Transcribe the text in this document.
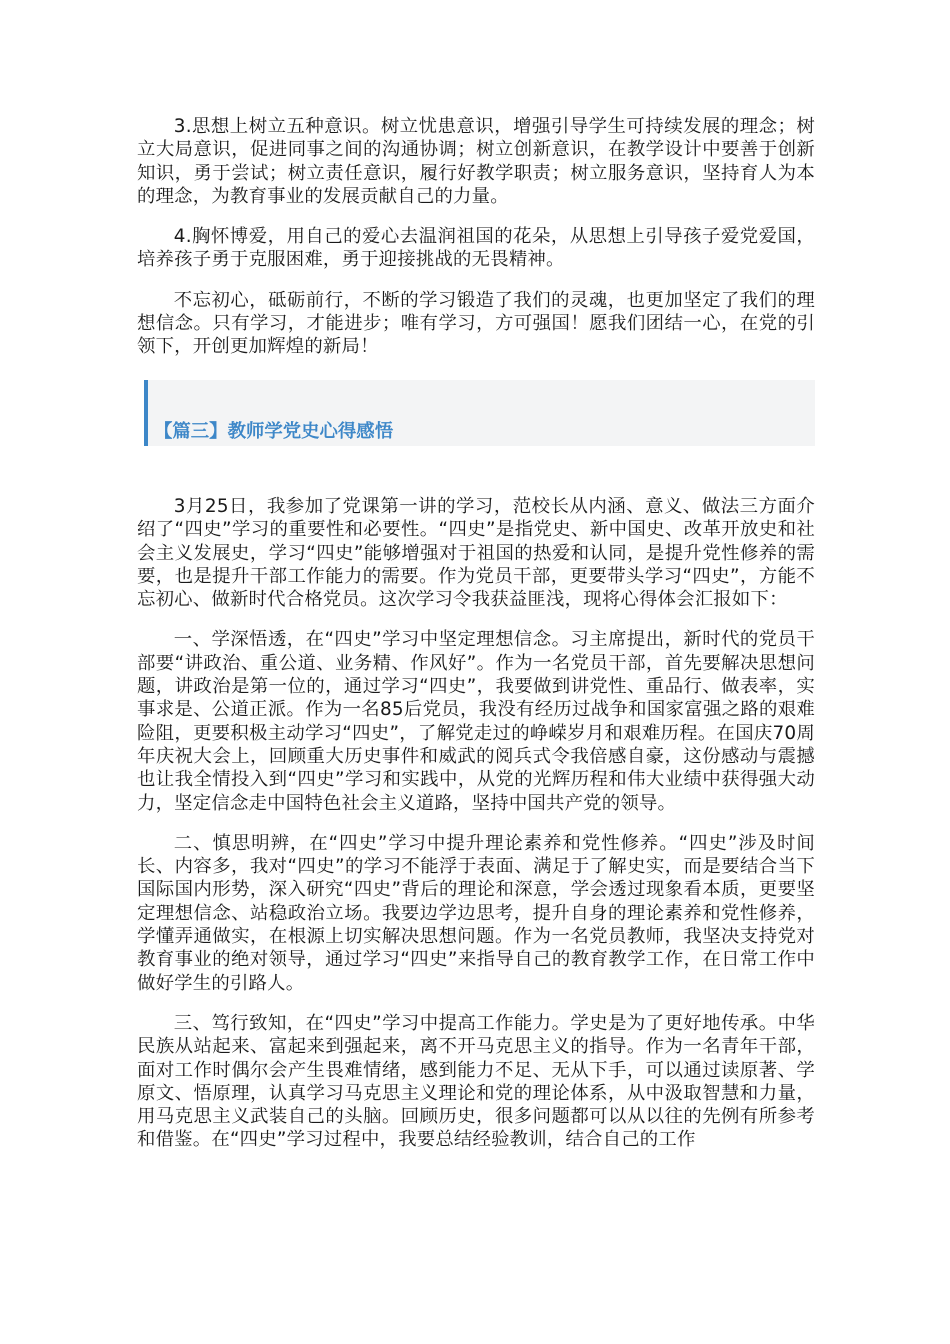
3.思想上树立五种意识。树立忧患意识，增强引导学生可持续发展的理念；树立大局意识，促进同事之间的沟通协调；树立创新意识，在教学设计中要善于创新知识，勇于尝试；树立责任意识，履行好教学职责；树立服务意识，坚持育人为本的理念，为教育事业的发展贡献自己的力量。

4.胸怀博爱，用自己的爱心去温润祖国的花朵，从思想上引导孩子爱党爱国，培养孩子勇于克服困难，勇于迎接挑战的无畏精神。

不忘初心，砥砺前行，不断的学习锻造了我们的灵魂，也更加坚定了我们的理想信念。只有学习，才能进步；唯有学习，方可强国！愿我们团结一心，在党的引领下，开创更加辉煌的新局！

【篇三】教师学党史心得感悟

3月25日，我参加了党课第一讲的学习，范校长从内涵、意义、做法三方面介绍了“四史”学习的重要性和必要性。“四史”是指党史、新中国史、改革开放史和社会主义发展史，学习“四史”能够增强对于祖国的热爱和认同，是提升党性修养的需要，也是提升干部工作能力的需要。作为党员干部，更要带头学习“四史”，方能不忘初心、做新时代合格党员。这次学习令我获益匪浅，现将心得体会汇报如下：

一、学深悟透，在“四史”学习中坚定理想信念。习主席提出，新时代的党员干部要“讲政治、重公道、业务精、作风好”。作为一名党员干部，首先要解决思想问题，讲政治是第一位的，通过学习“四史”，我要做到讲党性、重品行、做表率，实事求是、公道正派。作为一名85后党员，我没有经历过战争和国家富强之路的艰难险阻，更要积极主动学习“四史”，了解党走过的峥嵘岁月和艰难历程。在国庆70周年庆祝大会上，回顾重大历史事件和威武的阅兵式令我倍感自豪，这份感动与震撼也让我全情投入到“四史”学习和实践中，从党的光辉历程和伟大业绩中获得强大动力，坚定信念走中国特色社会主义道路，坚持中国共产党的领导。

二、慎思明辨，在“四史”学习中提升理论素养和党性修养。“四史”涉及时间长、内容多，我对“四史”的学习不能浮于表面、满足于了解史实，而是要结合当下国际国内形势，深入研究“四史”背后的理论和深意，学会透过现象看本质，更要坚定理想信念、站稳政治立场。我要边学边思考，提升自身的理论素养和党性修养，学懂弄通做实，在根源上切实解决思想问题。作为一名党员教师，我坚决支持党对教育事业的绝对领导，通过学习“四史”来指导自己的教育教学工作，在日常工作中做好学生的引路人。

三、笃行致知，在“四史”学习中提高工作能力。学史是为了更好地传承。中华民族从站起来、富起来到强起来，离不开马克思主义的指导。作为一名青年干部，面对工作时偶尔会产生畏难情绪，感到能力不足、无从下手，可以通过读原著、学原文、悟原理，认真学习马克思主义理论和党的理论体系，从中汲取智慧和力量，用马克思主义武装自己的头脑。回顾历史，很多问题都可以从以往的先例有所参考和借鉴。在“四史”学习过程中，我要总结经验教训，结合自己的工作
